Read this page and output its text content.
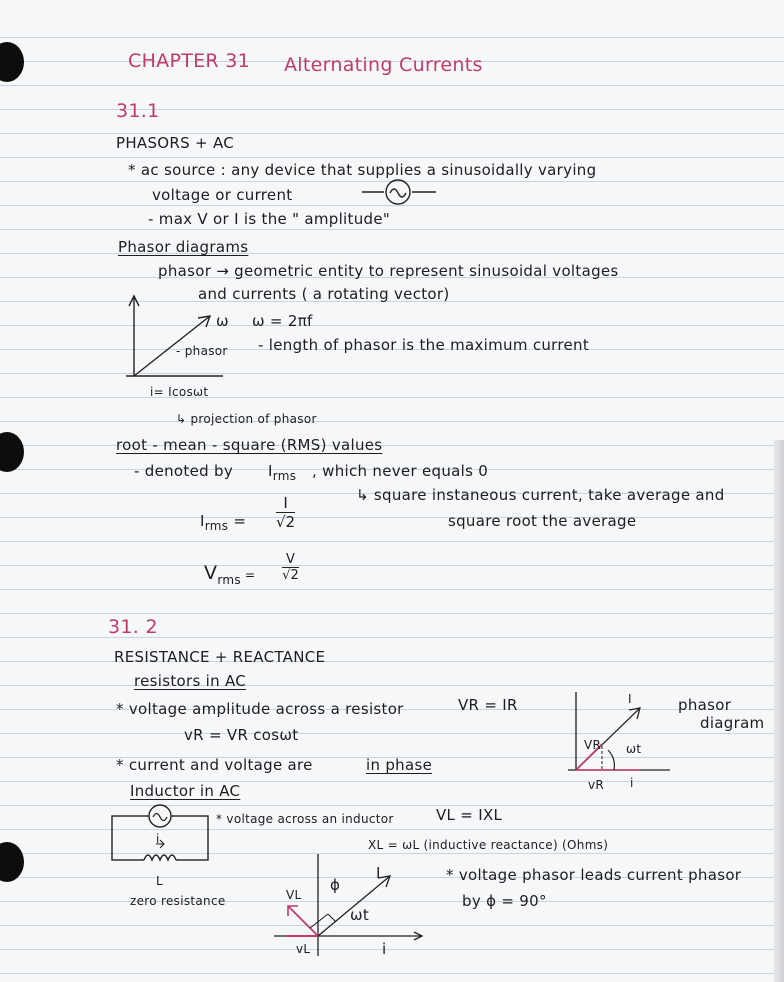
CHAPTER 31 Alternating Currents
31.1
PHASORS + AC
* ac source : any device that supplies a sinusoidally varying
voltage or current
- max V or I is the " amplitude"
Phasor diagrams
phasor → geometric entity to represent sinusoidal voltages
and currents ( a rotating vector)
ω ω = 2πf
- phasor - length of phasor is the maximum current
i= Icosωt
↳ projection of phasor
root - mean - square (RMS) values
- denoted by $I_{rms}$ , which never equals 0
↳ square instaneous current, take average and
square root the average
$I_{rms} = \frac{I}{√2}$
$V_{rms} = \frac{V}{√2}$
31. 2
RESISTANCE + REACTANCE
resistors in AC
* voltage amplitude across a resistor	VR = IR
vR = VR cosωt
* current and voltage are	in phase
I
VR ωt
vR i
phasor
diagram
Inductor in AC
* voltage across an inductor	VL = IXL
XL = ωL (inductive reactance) (Ohms)
* voltage phasor leads current phasor
by ϕ = 90°
i
L
zero resistance	VL
ϕ
I
ωt
vL	i
